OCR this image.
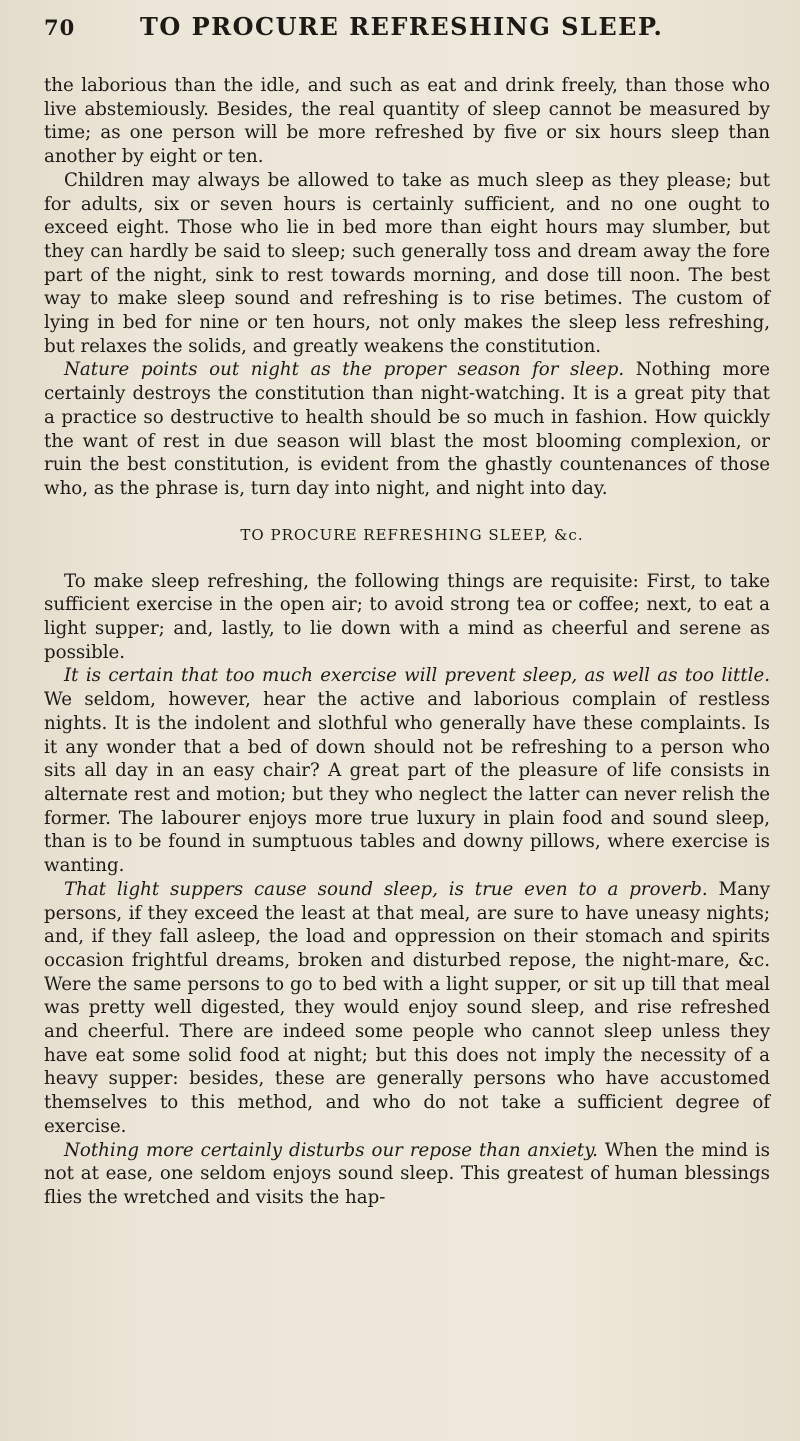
70	TO PROCURE REFRESHING SLEEP.

the laborious than the idle, and such as eat and drink freely, than those who live abstemiously. Besides, the real quantity of sleep cannot be measured by time; as one person will be more refreshed by five or six hours sleep than another by eight or ten.

Children may always be allowed to take as much sleep as they please; but for adults, six or seven hours is certainly sufficient, and no one ought to exceed eight. Those who lie in bed more than eight hours may slumber, but they can hardly be said to sleep; such generally toss and dream away the fore part of the night, sink to rest towards morning, and dose till noon. The best way to make sleep sound and refreshing is to rise betimes. The custom of lying in bed for nine or ten hours, not only makes the sleep less refreshing, but relaxes the solids, and greatly weakens the constitution.

Nature points out night as the proper season for sleep. Nothing more certainly destroys the constitution than night-watching. It is a great pity that a practice so destructive to health should be so much in fashion. How quickly the want of rest in due season will blast the most blooming complexion, or ruin the best constitution, is evident from the ghastly countenances of those who, as the phrase is, turn day into night, and night into day.

TO PROCURE REFRESHING SLEEP, &c.

To make sleep refreshing, the following things are requisite: First, to take sufficient exercise in the open air; to avoid strong tea or coffee; next, to eat a light supper; and, lastly, to lie down with a mind as cheerful and serene as possible.

It is certain that too much exercise will prevent sleep, as well as too little. We seldom, however, hear the active and laborious complain of restless nights. It is the indolent and slothful who generally have these complaints. Is it any wonder that a bed of down should not be refreshing to a person who sits all day in an easy chair? A great part of the pleasure of life consists in alternate rest and motion; but they who neglect the latter can never relish the former. The labourer enjoys more true luxury in plain food and sound sleep, than is to be found in sumptuous tables and downy pillows, where exercise is wanting.

That light suppers cause sound sleep, is true even to a proverb. Many persons, if they exceed the least at that meal, are sure to have uneasy nights; and, if they fall asleep, the load and oppression on their stomach and spirits occasion frightful dreams, broken and disturbed repose, the night-mare, &c. Were the same persons to go to bed with a light supper, or sit up till that meal was pretty well digested, they would enjoy sound sleep, and rise refreshed and cheerful. There are indeed some people who cannot sleep unless they have eat some solid food at night; but this does not imply the necessity of a heavy supper: besides, these are generally persons who have accustomed themselves to this method, and who do not take a sufficient degree of exercise.

Nothing more certainly disturbs our repose than anxiety. When the mind is not at ease, one seldom enjoys sound sleep. This greatest of human blessings flies the wretched and visits the hap-
